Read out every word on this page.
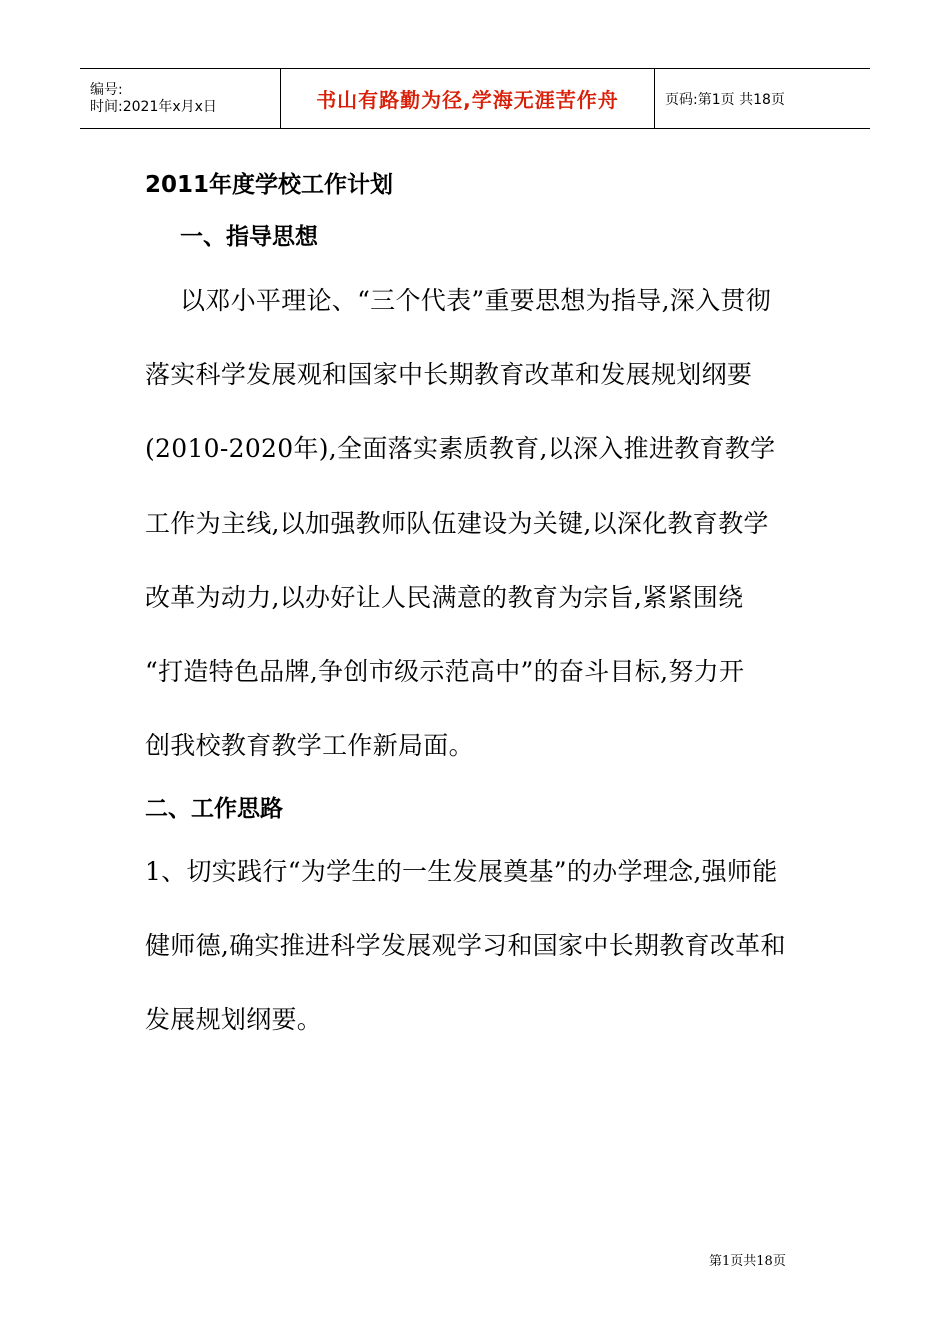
编号:
时间:2021年x月x日	书山有路勤为径,学海无涯苦作舟	页码:第1页 共18页
2011年度学校工作计划
一、指导思想
以邓小平理论、“三个代表”重要思想为指导,深入贯彻
落实科学发展观和国家中长期教育改革和发展规划纲要
(2010-2020年),全面落实素质教育,以深入推进教育教学
工作为主线,以加强教师队伍建设为关键,以深化教育教学
改革为动力,以办好让人民满意的教育为宗旨,紧紧围绕
“打造特色品牌,争创市级示范高中”的奋斗目标,努力开
创我校教育教学工作新局面。
二、工作思路
1、切实践行“为学生的一生发展奠基”的办学理念,强师能
健师德,确实推进科学发展观学习和国家中长期教育改革和
发展规划纲要。
第1页共18页
